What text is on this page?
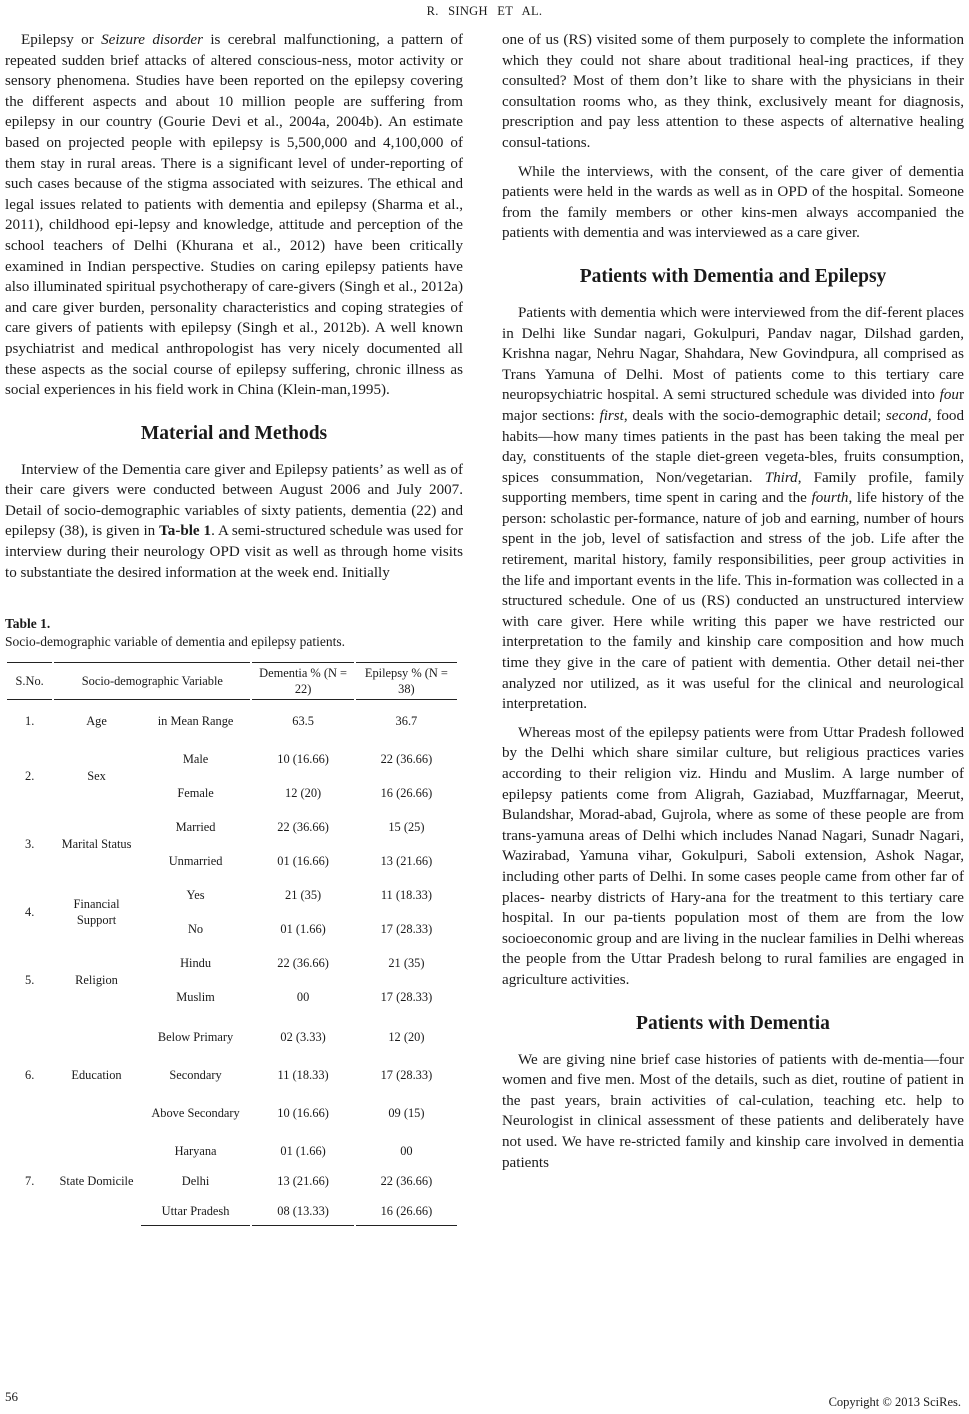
R. SINGH ET AL.

Epilepsy or Seizure disorder is cerebral malfunctioning, a pattern of repeated sudden brief attacks of altered conscious-ness, motor activity or sensory phenomena. Studies have been reported on the epilepsy covering the different aspects and about 10 million people are suffering from epilepsy in our country (Gourie Devi et al., 2004a, 2004b). An estimate based on projected people with epilepsy is 5,500,000 and 4,100,000 of them stay in rural areas. There is a significant level of under-reporting of such cases because of the stigma associated with seizures. The ethical and legal issues related to patients with dementia and epilepsy (Sharma et al., 2011), childhood epi-lepsy and knowledge, attitude and perception of the school teachers of Delhi (Khurana et al., 2012) have been critically examined in Indian perspective. Studies on caring epilepsy patients have also illuminated spiritual psychotherapy of care-givers (Singh et al., 2012a) and care giver burden, personality characteristics and coping strategies of care givers of patients with epilepsy (Singh et al., 2012b). A well known psychiatrist and medical anthropologist has very nicely documented all these aspects as the social course of epilepsy suffering, chronic illness as social experiences in his field work in China (Klein-man,1995).

Material and Methods

Interview of the Dementia care giver and Epilepsy patients’ as well as of their care givers were conducted between August 2006 and July 2007. Detail of socio-demographic variables of sixty patients, dementia (22) and epilepsy (38), is given in Ta-ble 1. A semi-structured schedule was used for interview during their neurology OPD visit as well as through home visits to substantiate the desired information at the week end. Initially

Table 1.
Socio-demographic variable of dementia and epilepsy patients.
S.No.	Socio-demographic Variable		Dementia % (N = 22)	Epilepsy % (N = 38)
1.	Age	in Mean Range	63.5	36.7
2.	Sex	Male	10 (16.66)	22 (36.66)
		Female	12 (20)	16 (26.66)
3.	Marital Status	Married	22 (36.66)	15 (25)
		Unmarried	01 (16.66)	13 (21.66)
4.	Financial Support	Yes	21 (35)	11 (18.33)
		No	01 (1.66)	17 (28.33)
5.	Religion	Hindu	22 (36.66)	21 (35)
		Muslim	00	17 (28.33)
6.	Education	Below Primary	02 (3.33)	12 (20)
		Secondary	11 (18.33)	17 (28.33)
		Above Secondary	10 (16.66)	09 (15)
7.	State Domicile	Haryana	01 (1.66)	00
		Delhi	13 (21.66)	22 (36.66)
		Uttar Pradesh	08 (13.33)	16 (26.66)

one of us (RS) visited some of them purposely to complete the information which they could not share about traditional heal-ing practices, if they consulted? Most of them don’t like to share with the physicians in their consultation rooms who, as they think, exclusively meant for diagnosis, prescription and pay less attention to these aspects of alternative healing consul-tations.

While the interviews, with the consent, of the care giver of dementia patients were held in the wards as well as in OPD of the hospital. Someone from the family members or other kins-men always accompanied the patients with dementia and was interviewed as a care giver.

Patients with Dementia and Epilepsy

Patients with dementia which were interviewed from the dif-ferent places in Delhi like Sundar nagari, Gokulpuri, Pandav nagar, Dilshad garden, Krishna nagar, Nehru Nagar, Shahdara, New Govindpura, all comprised as Trans Yamuna of Delhi. Most of patients come to this tertiary care neuropsychiatric hospital. A semi structured schedule was divided into four major sections: first, deals with the socio-demographic detail; second, food habits—how many times patients in the past has been taking the meal per day, constituents of the staple diet-green vegeta-bles, fruits consumption, spices consummation, Non/vegetarian. Third, Family profile, family supporting members, time spent in caring and the fourth, life history of the person: scholastic per-formance, nature of job and earning, number of hours spent in the job, level of satisfaction and stress of the job. Life after the retirement, marital history, family responsibilities, peer group activities in the life and important events in the life. This in-formation was collected in a structured schedule. One of us (RS) conducted an unstructured interview with care giver. Here while writing this paper we have restricted our interpretation to the family and kinship care composition and how much time they give in the care of patient with dementia. Other detail nei-ther analyzed nor utilized, as it was useful for the clinical and neurological interpretation.

Whereas most of the epilepsy patients were from Uttar Pradesh followed by the Delhi which share similar culture, but religious practices varies according to their religion viz. Hindu and Muslim. A large number of epilepsy patients come from Aligrah, Gaziabad, Muzffarnagar, Meerut, Bulandshar, Morad-abad, Gujrola, where as some of these people are from trans-yamuna areas of Delhi which includes Nanad Nagari, Sunadr Nagari, Wazirabad, Yamuna vihar, Gokulpuri, Saboli extension, Ashok Nagar, including other parts of Delhi. In some cases people came from other far of places- nearby districts of Hary-ana for the treatment to this tertiary care hospital. In our pa-tients population most of them are from the low socioeconomic group and are living in the nuclear families in Delhi whereas the people from the Uttar Pradesh belong to rural families are engaged in agriculture activities.

Patients with Dementia

We are giving nine brief case histories of patients with de-mentia—four women and five men. Most of the details, such as diet, routine of patient in the past years, brain activities of cal-culation, teaching etc. help to Neurologist in clinical assessment of these patients and deliberately have not used. We have re-stricted family and kinship care involved in dementia patients

56	Copyright © 2013 SciRes.
